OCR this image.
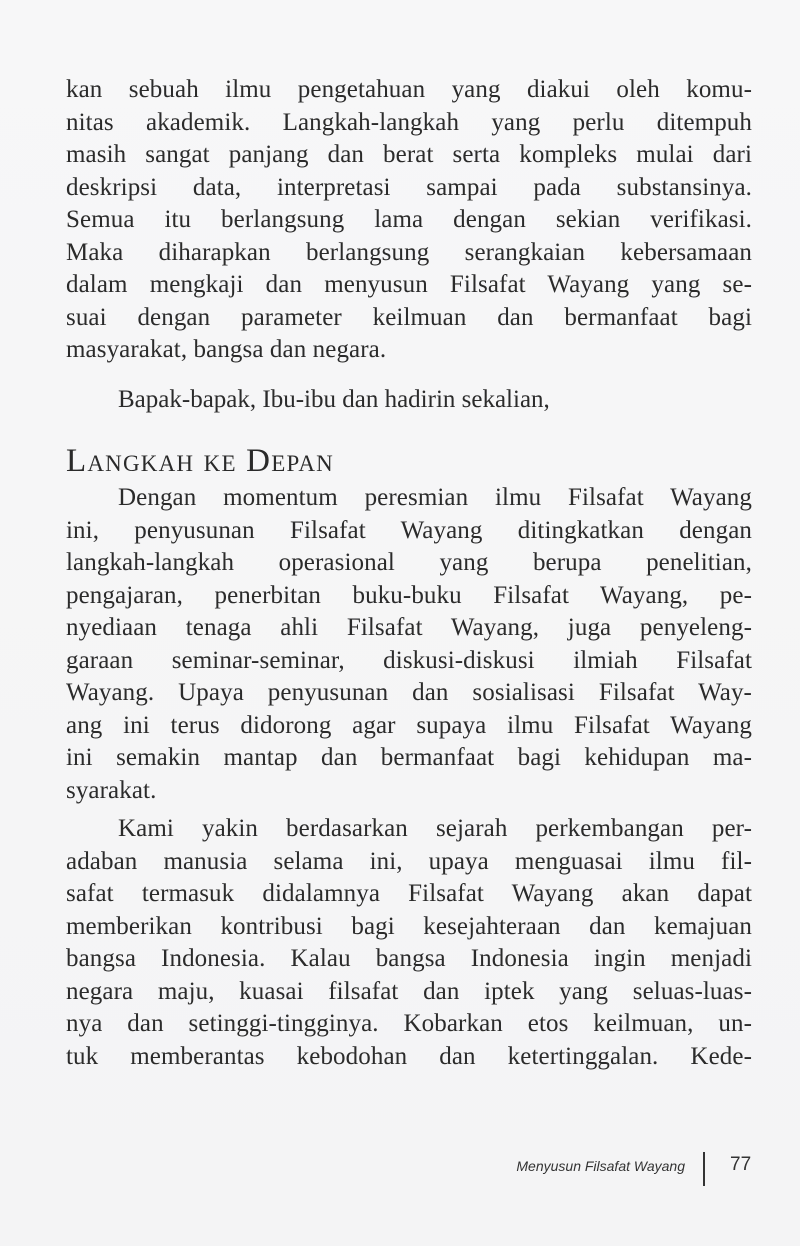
kan sebuah ilmu pengetahuan yang diakui oleh komu-
nitas akademik. Langkah-langkah yang perlu ditempuh
masih sangat panjang dan berat serta kompleks mulai dari
deskripsi data, interpretasi sampai pada substansinya.
Semua itu berlangsung lama dengan sekian verifikasi.
Maka diharapkan berlangsung serangkaian kebersamaan
dalam mengkaji dan menyusun Filsafat Wayang yang se-
suai dengan parameter keilmuan dan bermanfaat bagi
masyarakat, bangsa dan negara.
Bapak-bapak, Ibu-ibu dan hadirin sekalian,
Langkah ke Depan
Dengan momentum peresmian ilmu Filsafat Wayang
ini, penyusunan Filsafat Wayang ditingkatkan dengan
langkah-langkah operasional yang berupa penelitian,
pengajaran, penerbitan buku-buku Filsafat Wayang, pe-
nyediaan tenaga ahli Filsafat Wayang, juga penyeleng-
garaan seminar-seminar, diskusi-diskusi ilmiah Filsafat
Wayang. Upaya penyusunan dan sosialisasi Filsafat Way-
ang ini terus didorong agar supaya ilmu Filsafat Wayang
ini semakin mantap dan bermanfaat bagi kehidupan ma-
syarakat.
Kami yakin berdasarkan sejarah perkembangan per-
adaban manusia selama ini, upaya menguasai ilmu fil-
safat termasuk didalamnya Filsafat Wayang akan dapat
memberikan kontribusi bagi kesejahteraan dan kemajuan
bangsa Indonesia. Kalau bangsa Indonesia ingin menjadi
negara maju, kuasai filsafat dan iptek yang seluas-luas-
nya dan setinggi-tingginya. Kobarkan etos keilmuan, un-
tuk memberantas kebodohan dan ketertinggalan. Kede-
Menyusun Filsafat Wayang 77
